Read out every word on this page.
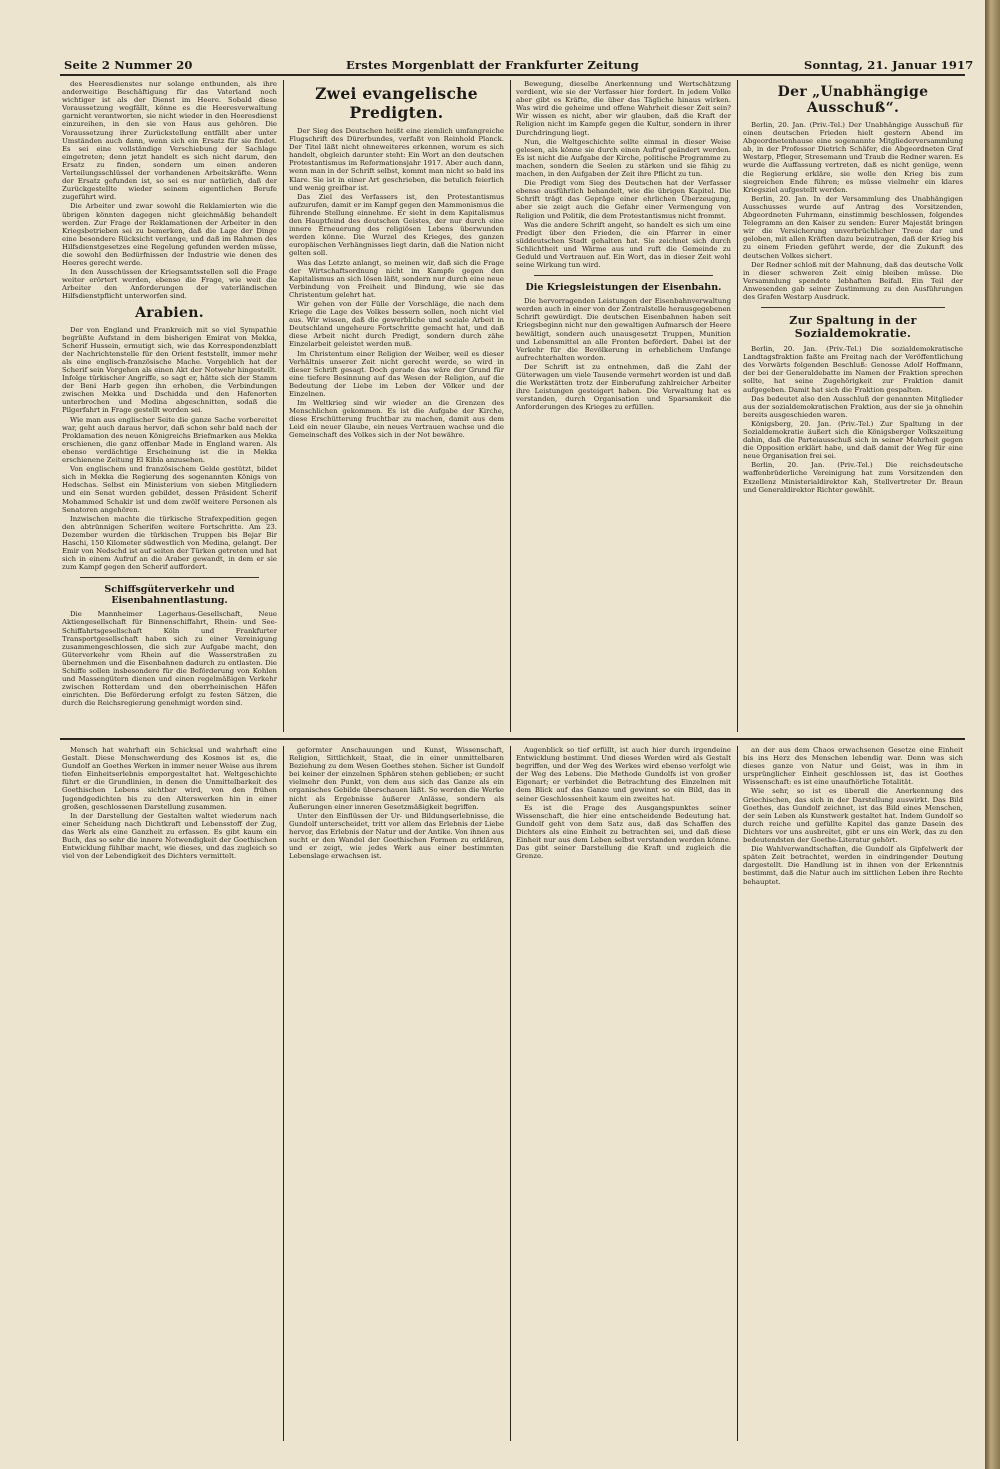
Seite 2 Nummer 20	Erstes Morgenblatt der Frankfurter Zeitung	Sonntag, 21. Januar 1917

des Heeresdienstes nur solange entbunden, als ihre anderweitige Beschäftigung für das Vaterland noch wichtiger ist als der Dienst im Heere. Sobald diese Voraussetzung wegfällt, könne es die Heeresverwaltung garnicht verantworten, sie nicht wieder in den Heeresdienst einzureihen, in den sie von Haus aus gehören. Die Voraussetzung ihrer Zurückstellung entfällt aber unter Umständen auch dann, wenn sich ein Ersatz für sie findet. Es sei eine vollständige Verschiebung der Sachlage eingetreten; denn jetzt handelt es sich nicht darum, den Ersatz zu finden, sondern um einen anderen Verteilungsschlüssel der vorhandenen Arbeitskräfte. Wenn der Ersatz gefunden ist, so sei es nur natürlich, daß der Zurückgestellte wieder seinem eigentlichen Berufe zugeführt wird.

Die Arbeiter und zwar sowohl die Reklamierten wie die übrigen könnten dagegen nicht gleichmäßig behandelt werden. Zur Frage der Reklamationen der Arbeiter in den Kriegsbetrieben sei zu bemerken, daß die Lage der Dinge eine besondere Rücksicht verlange, und daß im Rahmen des Hilfsdienstgesetzes eine Regelung gefunden werden müsse, die sowohl den Bedürfnissen der Industrie wie denen des Heeres gerecht werde.

In den Ausschüssen der Kriegsamtsstellen soll die Frage weiter erörtert werden, ebenso die Frage, wie weit die Arbeiter den Anforderungen der vaterländischen Hilfsdienstpflicht unterworfen sind.

Arabien.

Der von England und Frankreich mit so viel Sympathie begrüßte Aufstand in dem bisherigen Emirat von Mekka, Scherif Hussein, ermutigt sich, wie das Korrespondenzblatt der Nachrichtenstelle für den Orient feststellt, immer mehr als eine englisch-französische Mache. Vorgeblich hat der Scherif sein Vorgehen als einen Akt der Notwehr hingestellt. Infolge türkischer Angriffe, so sagt er, hätte sich der Stamm der Beni Harb gegen ihn erhoben, die Verbindungen zwischen Mekka und Dschidda und den Hafenorten unterbrochen und Medina abgeschnitten, sodaß die Pilgerfahrt in Frage gestellt worden sei.

Wie man aus englischer Seite die ganze Sache vorbereitet war, geht auch daraus hervor, daß schon sehr bald nach der Proklamation des neuen Königreichs Briefmarken aus Mekka erschienen, die ganz offenbar Made in England waren. Als ebenso verdächtige Erscheinung ist die in Mekka erschienene Zeitung El Kibla anzusehen.

Von englischem und französischem Gelde gestützt, bildet sich in Mekka die Regierung des sogenannten Königs von Hedschas. Selbst ein Ministerium von sieben Mitgliedern und ein Senat wurden gebildet, dessen Präsident Scherif Mohammed Schakir ist und dem zwölf weitere Personen als Senatoren angehören.

Inzwischen machte die türkische Strafexpedition gegen den abtrünnigen Scherifen weitere Fortschritte. Am 23. Dezember wurden die türkischen Truppen bis Bejar Bir Haschi, 150 Kilometer südwestlich von Medina, gelangt. Der Emir von Nedschd ist auf seiten der Türken getreten und hat sich in einem Aufruf an die Araber gewandt, in dem er sie zum Kampf gegen den Scherif auffordert.

Schiffsgüterverkehr und Eisenbahnentlastung.

Die Mannheimer Lagerhaus-Gesellschaft, Neue Aktiengesellschaft für Binnenschiffahrt, Rhein- und See-Schiffahrtsgesellschaft Köln und Frankfurter Transportgesellschaft haben sich zu einer Vereinigung zusammengeschlossen, die sich zur Aufgabe macht, den Güterverkehr vom Rhein auf die Wasserstraßen zu übernehmen und die Eisenbahnen dadurch zu entlasten. Die Schiffe sollen insbesondere für die Beförderung von Kohlen und Massengütern dienen und einen regelmäßigen Verkehr zwischen Rotterdam und den oberrheinischen Häfen einrichten. Die Beförderung erfolgt zu festen Sätzen, die durch die Reichsregierung genehmigt worden sind.

Zwei evangelische Predigten.

Der Sieg des Deutschen heißt eine ziemlich umfangreiche Flugschrift des Dürerbundes, verfaßt von Reinhold Planck. Der Titel läßt nicht ohneweiteres erkennen, worum es sich handelt, obgleich darunter steht: Ein Wort an den deutschen Protestantismus im Reformationsjahr 1917. Aber auch dann, wenn man in der Schrift selbst, kommt man nicht so bald ins Klare. Sie ist in einer Art geschrieben, die betulich feierlich und wenig greifbar ist.

Das Ziel des Verfassers ist, den Protestantismus aufzurufen, damit er im Kampf gegen den Mammonismus die führende Stellung einnehme. Er sieht in dem Kapitalismus den Hauptfeind des deutschen Geistes, der nur durch eine innere Erneuerung des religiösen Lebens überwunden werden könne. Die Wurzel des Krieges, des ganzen europäischen Verhängnisses liegt darin, daß die Nation nicht gelten soll.

Was das Letzte anlangt, so meinen wir, daß sich die Frage der Wirtschaftsordnung nicht im Kampfe gegen den Kapitalismus an sich lösen läßt, sondern nur durch eine neue Verbindung von Freiheit und Bindung, wie sie das Christentum gelehrt hat.

Wir gehen von der Fülle der Vorschläge, die nach dem Kriege die Lage des Volkes bessern sollen, noch nicht viel aus. Wir wissen, daß die gewerbliche und soziale Arbeit in Deutschland ungeheure Fortschritte gemacht hat, und daß diese Arbeit nicht durch Predigt, sondern durch zähe Einzelarbeit geleistet werden muß.

Im Christentum einer Religion der Weiber, weil es dieser Verhältnis unserer Zeit nicht gerecht werde, so wird in dieser Schrift gesagt. Doch gerade das wäre der Grund für eine tiefere Besinnung auf das Wesen der Religion, auf die Bedeutung der Liebe im Leben der Völker und der Einzelnen.

Im Weltkrieg sind wir wieder an die Grenzen des Menschlichen gekommen. Es ist die Aufgabe der Kirche, diese Erschütterung fruchtbar zu machen, damit aus dem Leid ein neuer Glaube, ein neues Vertrauen wachse und die Gemeinschaft des Volkes sich in der Not bewähre.

Bewegung, dieselbe Anerkennung und Wertschätzung verdient, wie sie der Verfasser hier fordert. In jedem Volke aber gibt es Kräfte, die über das Tägliche hinaus wirken. Was wird die geheime und offene Wahrheit dieser Zeit sein? Wir wissen es nicht, aber wir glauben, daß die Kraft der Religion nicht im Kampfe gegen die Kultur, sondern in ihrer Durchdringung liegt.

Nun, die Weltgeschichte sollte einmal in dieser Weise gelesen, als könne sie durch einen Aufruf geändert werden. Es ist nicht die Aufgabe der Kirche, politische Programme zu machen, sondern die Seelen zu stärken und sie fähig zu machen, in den Aufgaben der Zeit ihre Pflicht zu tun.

Die Predigt vom Sieg des Deutschen hat der Verfasser ebenso ausführlich behandelt, wie die übrigen Kapitel. Die Schrift trägt das Gepräge einer ehrlichen Überzeugung, aber sie zeigt auch die Gefahr einer Vermengung von Religion und Politik, die dem Protestantismus nicht frommt.

Was die andere Schrift angeht, so handelt es sich um eine Predigt über den Frieden, die ein Pfarrer in einer süddeutschen Stadt gehalten hat. Sie zeichnet sich durch Schlichtheit und Wärme aus und ruft die Gemeinde zu Geduld und Vertrauen auf. Ein Wort, das in dieser Zeit wohl seine Wirkung tun wird.

Die Kriegsleistungen der Eisenbahn.

Die hervorragenden Leistungen der Eisenbahnverwaltung werden auch in einer von der Zentralstelle herausgegebenen Schrift gewürdigt. Die deutschen Eisenbahnen haben seit Kriegsbeginn nicht nur den gewaltigen Aufmarsch der Heere bewältigt, sondern auch unausgesetzt Truppen, Munition und Lebensmittel an alle Fronten befördert. Dabei ist der Verkehr für die Bevölkerung in erheblichem Umfange aufrechterhalten worden.

Der Schrift ist zu entnehmen, daß die Zahl der Güterwagen um viele Tausende vermehrt worden ist und daß die Werkstätten trotz der Einberufung zahlreicher Arbeiter ihre Leistungen gesteigert haben. Die Verwaltung hat es verstanden, durch Organisation und Sparsamkeit die Anforderungen des Krieges zu erfüllen.

Der „Unabhängige Ausschuß“.

Berlin, 20. Jan. (Priv.-Tel.) Der Unabhängige Ausschuß für einen deutschen Frieden hielt gestern Abend im Abgeordnetenhause eine sogenannte Mitgliederversammlung ab, in der Professor Dietrich Schäfer, die Abgeordneten Graf Westarp, Pfleger, Stresemann und Traub die Redner waren. Es wurde die Auffassung vertreten, daß es nicht genüge, wenn die Regierung erkläre, sie wolle den Krieg bis zum siegreichen Ende führen; es müsse vielmehr ein klares Kriegsziel aufgestellt werden.

Berlin, 20. Jan. In der Versammlung des Unabhängigen Ausschusses wurde auf Antrag des Vorsitzenden, Abgeordneten Fuhrmann, einstimmig beschlossen, folgendes Telegramm an den Kaiser zu senden: Eurer Majestät bringen wir die Versicherung unverbrüchlicher Treue dar und geloben, mit allen Kräften dazu beizutragen, daß der Krieg bis zu einem Frieden geführt werde, der die Zukunft des deutschen Volkes sichert.

Der Redner schloß mit der Mahnung, daß das deutsche Volk in dieser schweren Zeit einig bleiben müsse. Die Versammlung spendete lebhaften Beifall. Ein Teil der Anwesenden gab seiner Zustimmung zu den Ausführungen des Grafen Westarp Ausdruck.

Zur Spaltung in der Sozialdemokratie.

Berlin, 20. Jan. (Priv.-Tel.) Die sozialdemokratische Landtagsfraktion faßte am Freitag nach der Veröffentlichung des Vorwärts folgenden Beschluß: Genosse Adolf Hoffmann, der bei der Generaldebatte im Namen der Fraktion sprechen sollte, hat seine Zugehörigkeit zur Fraktion damit aufgegeben. Damit hat sich die Fraktion gespalten.

Das bedeutet also den Ausschluß der genannten Mitglieder aus der sozialdemokratischen Fraktion, aus der sie ja ohnehin bereits ausgeschieden waren.

Königsberg, 20. Jan. (Priv.-Tel.) Zur Spaltung in der Sozialdemokratie äußert sich die Königsberger Volkszeitung dahin, daß die Parteiausschuß sich in seiner Mehrheit gegen die Opposition erklärt habe, und daß damit der Weg für eine neue Organisation frei sei.

Berlin, 20. Jan. (Priv.-Tel.) Die reichsdeutsche waffenbrüderliche Vereinigung hat zum Vorsitzenden den Exzellenz Ministerialdirektor Kah, Stellvertreter Dr. Braun und Generaldirektor Richter gewählt.

Mensch hat wahrhaft ein Schicksal und wahrhaft eine Gestalt. Diese Menschwerdung des Kosmos ist es, die Gundolf an Goethes Werken in immer neuer Weise aus ihrem tiefen Einheitserlebnis emporgestaltet hat. Weltgeschichte führt er die Grundlinien, in denen die Unmittelbarkeit des Goethischen Lebens sichtbar wird, von den frühen Jugendgedichten bis zu den Alterswerken hin in einer großen, geschlossenen Darstellung zusammen.

In der Darstellung der Gestalten waltet wiederum nach einer Scheidung nach Dichtkraft und Lebensstoff der Zug, das Werk als eine Ganzheit zu erfassen. Es gibt kaum ein Buch, das so sehr die innere Notwendigkeit der Goethischen Entwicklung fühlbar macht, wie dieses, und das zugleich so viel von der Lebendigkeit des Dichters vermittelt.

geformter Anschauungen und Kunst, Wissenschaft, Religion, Sittlichkeit, Staat, die in einer unmittelbaren Beziehung zu dem Wesen Goethes stehen. Sicher ist Gundolf bei keiner der einzelnen Sphären stehen geblieben; er sucht vielmehr den Punkt, von dem aus sich das Ganze als ein organisches Gebilde überschauen läßt. So werden die Werke nicht als Ergebnisse äußerer Anlässe, sondern als Äußerungen einer inneren Gesetzmäßigkeit begriffen.

Unter den Einflüssen der Ur- und Bildungserlebnisse, die Gundolf unterscheidet, tritt vor allem das Erlebnis der Liebe hervor, das Erlebnis der Natur und der Antike. Von ihnen aus sucht er den Wandel der Goethischen Formen zu erklären, und er zeigt, wie jedes Werk aus einer bestimmten Lebenslage erwachsen ist.

Augenblick so tief erfüllt, ist auch hier durch irgendeine Entwicklung bestimmt. Und dieses Werden wird als Gestalt begriffen, und der Weg des Werkes wird ebenso verfolgt wie der Weg des Lebens. Die Methode Gundolfs ist von großer Eigenart; er verbindet die Betrachtung des Einzelnen mit dem Blick auf das Ganze und gewinnt so ein Bild, das in seiner Geschlossenheit kaum ein zweites hat.

Es ist die Frage des Ausgangspunktes seiner Wissenschaft, die hier eine entscheidende Bedeutung hat. Gundolf geht von dem Satz aus, daß das Schaffen des Dichters als eine Einheit zu betrachten sei, und daß diese Einheit nur aus dem Leben selbst verstanden werden könne. Das gibt seiner Darstellung die Kraft und zugleich die Grenze.

an der aus dem Chaos erwachsenen Gesetze eine Einheit bis ins Herz des Menschen lebendig war. Denn was sich dieses ganze von Natur und Geist, was in ihm in ursprünglicher Einheit geschlossen ist, das ist Goethes Wissenschaft: es ist eine unaufhörliche Totalität.

Wie sehr, so ist es überall die Anerkennung des Griechischen, das sich in der Darstellung auswirkt. Das Bild Goethes, das Gundolf zeichnet, ist das Bild eines Menschen, der sein Leben als Kunstwerk gestaltet hat. Indem Gundolf so durch reiche und gefüllte Kapitel das ganze Dasein des Dichters vor uns ausbreitet, gibt er uns ein Werk, das zu den bedeutendsten der Goethe-Literatur gehört.

Die Wahlverwandtschaften, die Gundolf als Gipfelwerk der späten Zeit betrachtet, werden in eindringender Deutung dargestellt. Die Handlung ist in ihnen von der Erkenntnis bestimmt, daß die Natur auch im sittlichen Leben ihre Rechte behauptet.
